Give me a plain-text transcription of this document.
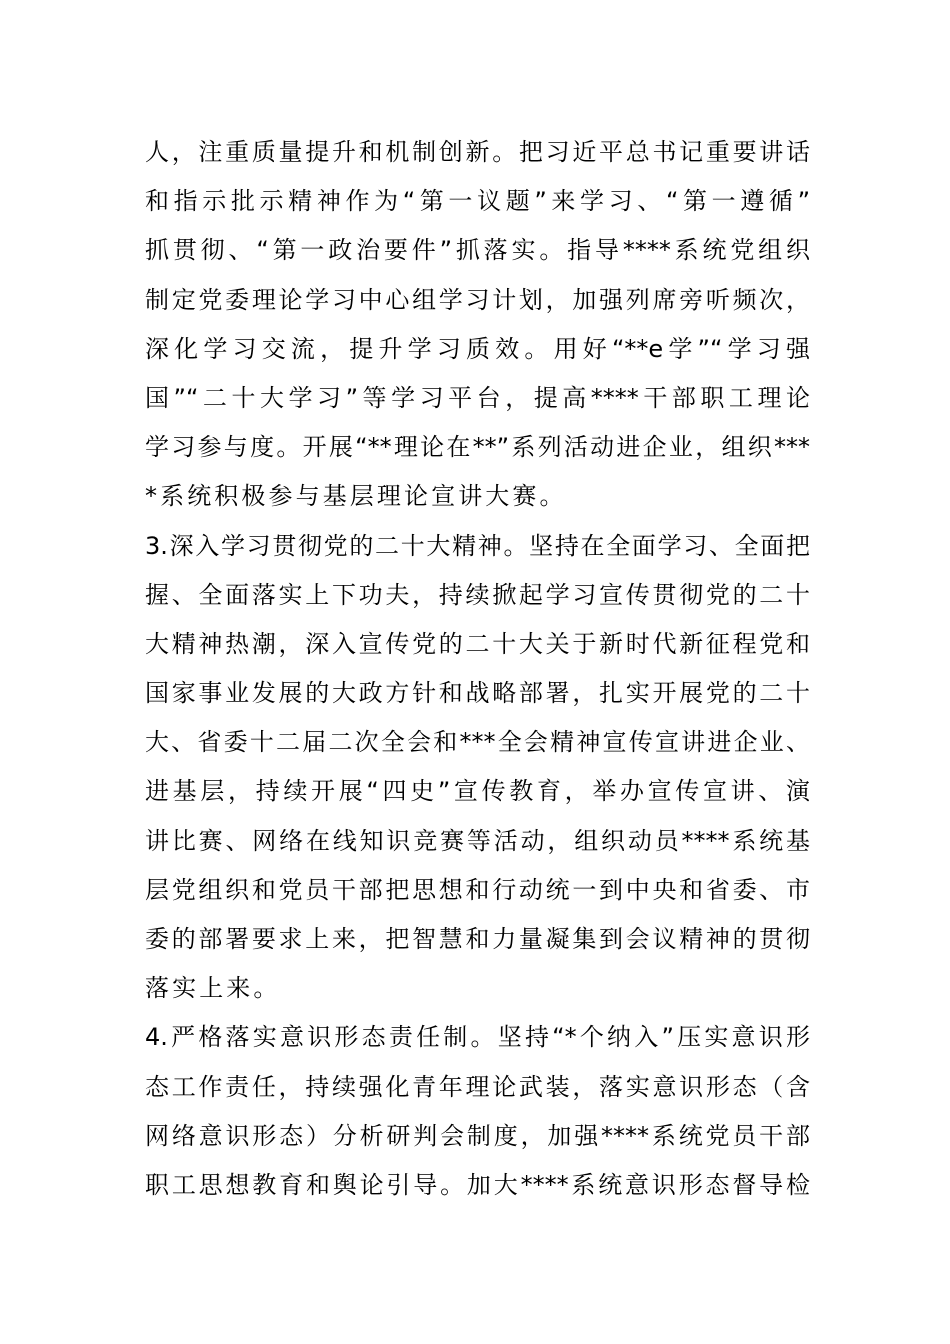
人，注重质量提升和机制创新。把习近平总书记重要讲话
和指示批示精神作为“第一议题”来学习、“第一遵循”
抓贯彻、“第一政治要件”抓落实。指导****系统党组织
制定党委理论学习中心组学习计划，加强列席旁听频次，
深化学习交流，提升学习质效。用好“**e学”“学习强
国”“二十大学习”等学习平台，提高****干部职工理论
学习参与度。开展“**理论在**”系列活动进企业，组织***
*系统积极参与基层理论宣讲大赛。
3.深入学习贯彻党的二十大精神。坚持在全面学习、全面把
握、全面落实上下功夫，持续掀起学习宣传贯彻党的二十
大精神热潮，深入宣传党的二十大关于新时代新征程党和
国家事业发展的大政方针和战略部署，扎实开展党的二十
大、省委十二届二次全会和***全会精神宣传宣讲进企业、
进基层，持续开展“四史”宣传教育，举办宣传宣讲、演
讲比赛、网络在线知识竞赛等活动，组织动员****系统基
层党组织和党员干部把思想和行动统一到中央和省委、市
委的部署要求上来，把智慧和力量凝集到会议精神的贯彻
落实上来。
4.严格落实意识形态责任制。坚持“*个纳入”压实意识形
态工作责任，持续强化青年理论武装，落实意识形态（含
网络意识形态）分析研判会制度，加强****系统党员干部
职工思想教育和舆论引导。加大****系统意识形态督导检
